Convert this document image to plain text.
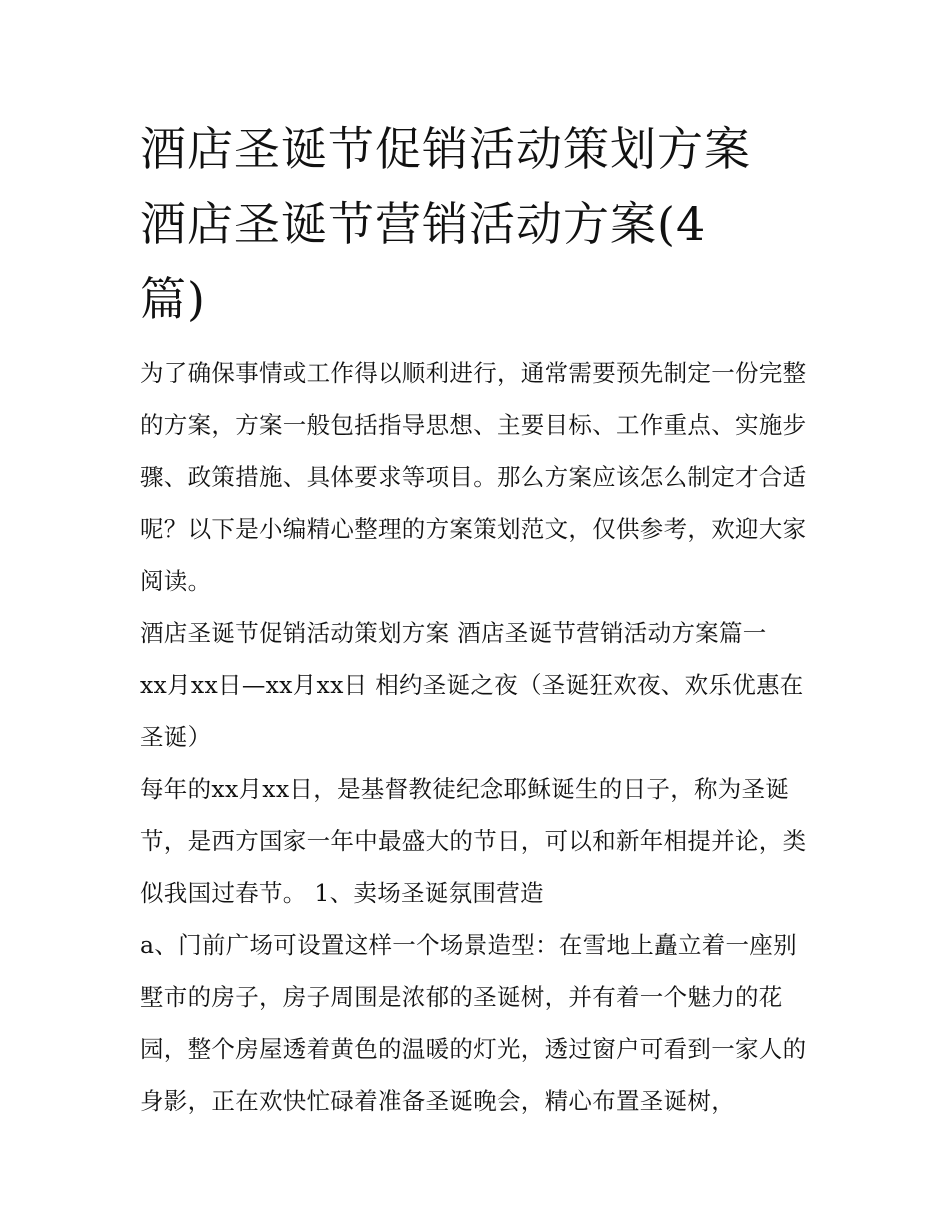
酒店圣诞节促销活动策划方案
酒店圣诞节营销活动方案(4
篇)

为了确保事情或工作得以顺利进行，通常需要预先制定一份完整的方案，方案一般包括指导思想、主要目标、工作重点、实施步骤、政策措施、具体要求等项目。那么方案应该怎么制定才合适呢？以下是小编精心整理的方案策划范文，仅供参考，欢迎大家阅读。

酒店圣诞节促销活动策划方案 酒店圣诞节营销活动方案篇一

xx月xx日—xx月xx日 相约圣诞之夜（圣诞狂欢夜、欢乐优惠在圣诞）

每年的xx月xx日，是基督教徒纪念耶稣诞生的日子，称为圣诞节，是西方国家一年中最盛大的节日，可以和新年相提并论，类似我国过春节。 1、卖场圣诞氛围营造

a、门前广场可设置这样一个场景造型：在雪地上矗立着一座别墅市的房子，房子周围是浓郁的圣诞树，并有着一个魅力的花园，整个房屋透着黄色的温暖的灯光，透过窗户可看到一家人的身影，正在欢快忙碌着准备圣诞晚会，精心布置圣诞树，
